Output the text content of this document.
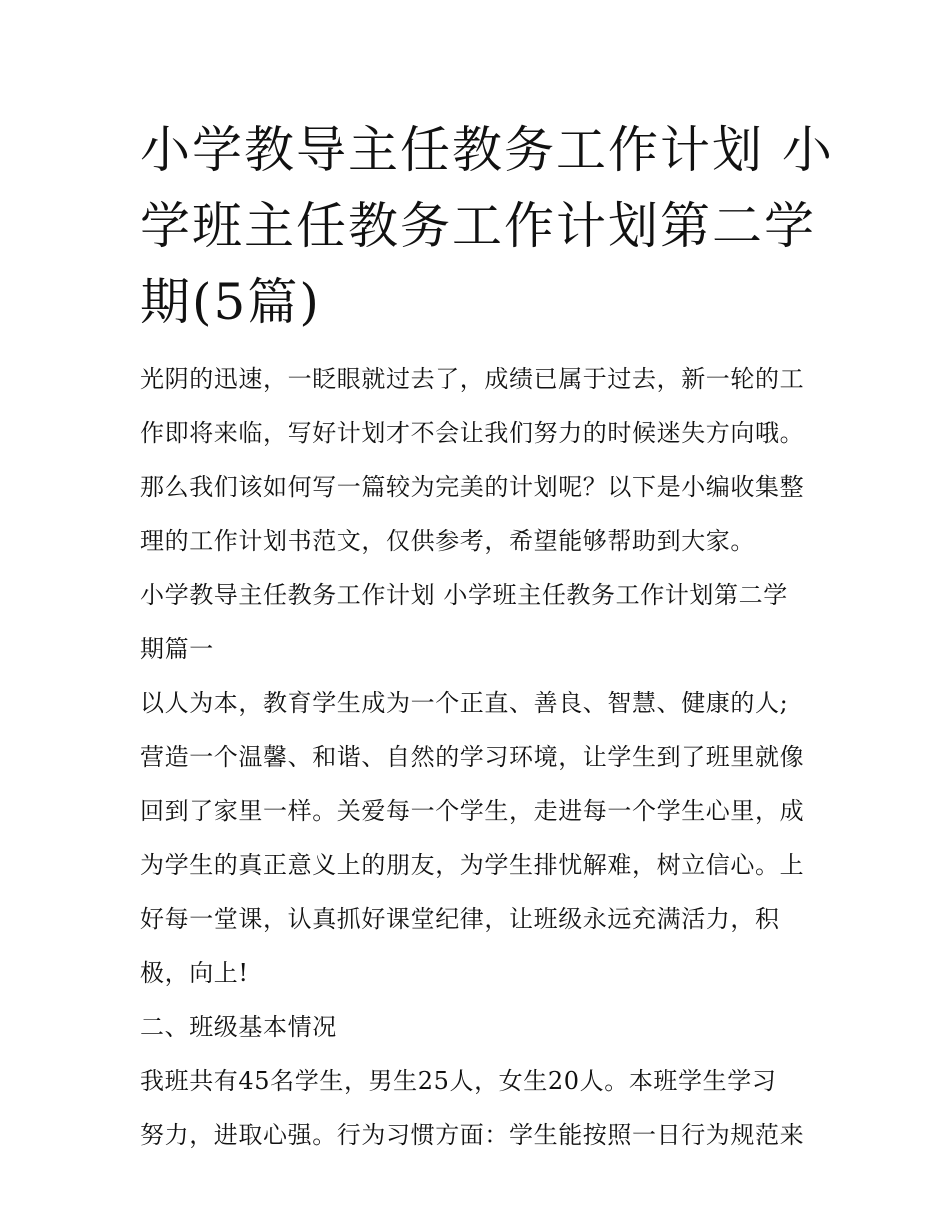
小学教导主任教务工作计划 小
学班主任教务工作计划第二学
期(5篇)
光阴的迅速，一眨眼就过去了，成绩已属于过去，新一轮的工
作即将来临，写好计划才不会让我们努力的时候迷失方向哦。
那么我们该如何写一篇较为完美的计划呢？以下是小编收集整
理的工作计划书范文，仅供参考，希望能够帮助到大家。
小学教导主任教务工作计划 小学班主任教务工作计划第二学
期篇一
以人为本，教育学生成为一个正直、善良、智慧、健康的人;
营造一个温馨、和谐、自然的学习环境，让学生到了班里就像
回到了家里一样。关爱每一个学生，走进每一个学生心里，成
为学生的真正意义上的朋友，为学生排忧解难，树立信心。上
好每一堂课，认真抓好课堂纪律，让班级永远充满活力，积
极，向上!
二、班级基本情况
我班共有45名学生，男生25人，女生20人。本班学生学习
努力，进取心强。行为习惯方面：学生能按照一日行为规范来
